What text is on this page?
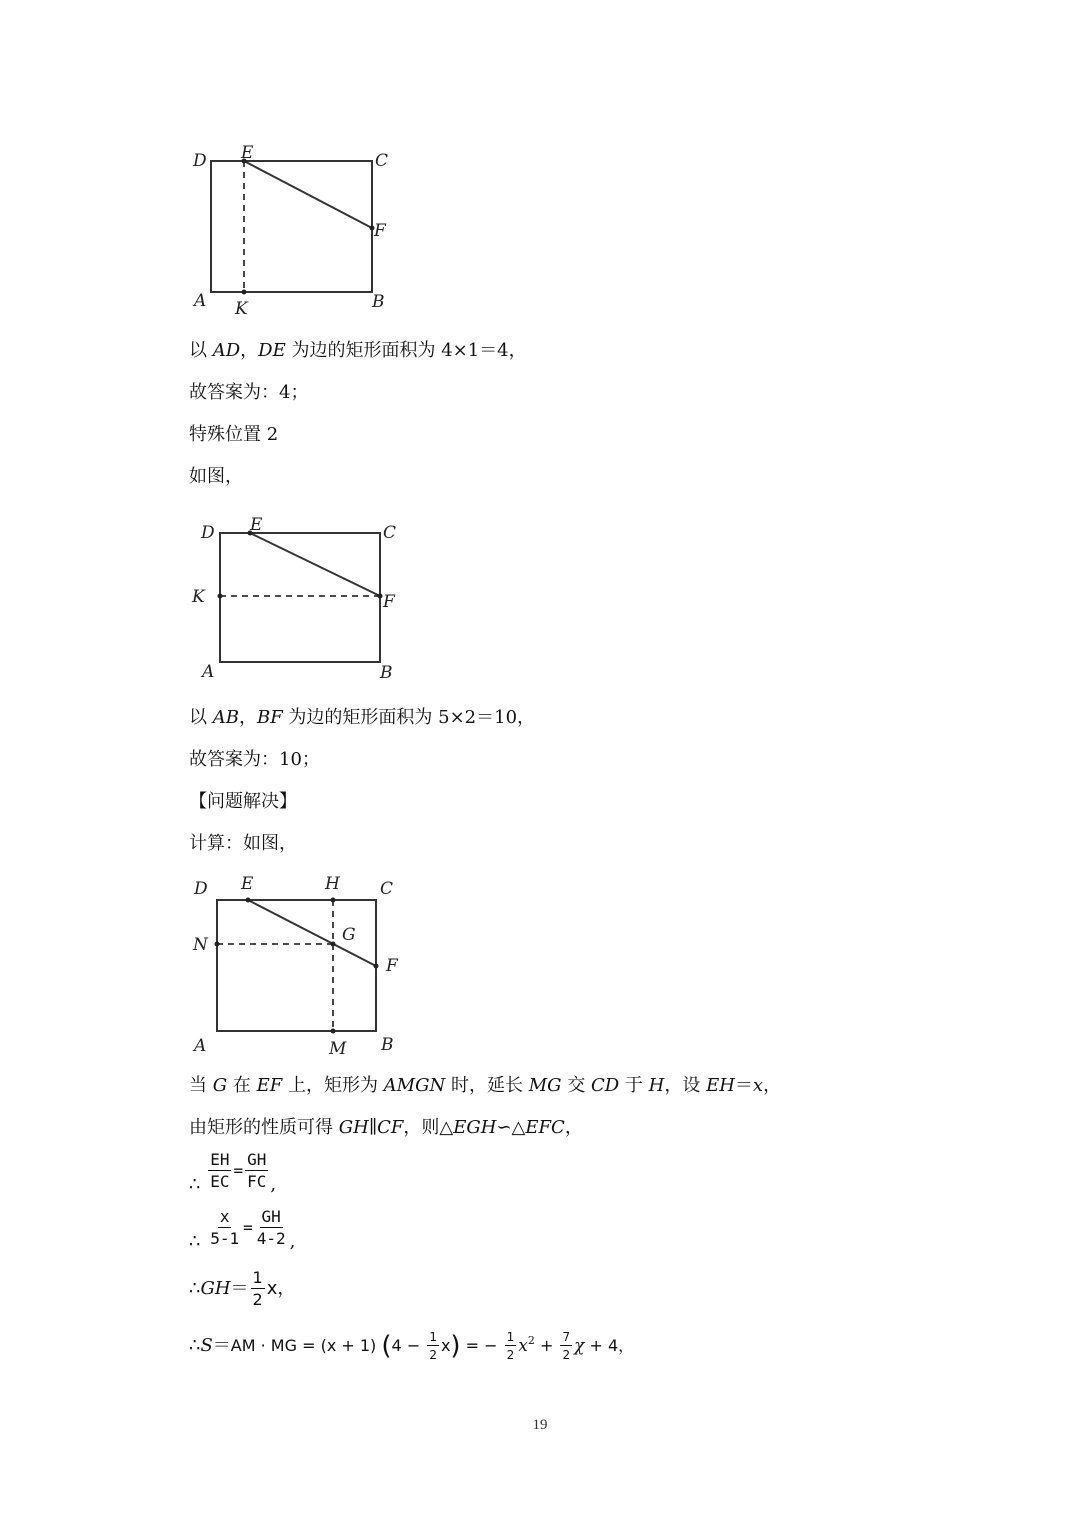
D E	C
F
A K	B
以 AD，DE 为边的矩形面积为 4×1＝4，
故答案为：4；
特殊位置 2
如图，
D E	C
K	F
A	B
以 AB，BF 为边的矩形面积为 5×2＝10，
故答案为：10；
【问题解决】
计算：如图，
D E	H C
N	G
F
A	M B
当 G 在 EF 上，矩形为 AMGN 时，延长 MG 交 CD 于 H，设 EH＝x，
由矩形的性质可得 GH∥CF，则△EGH∽△EFC，
∴ $\frac{EH}{EC} = \frac{GH}{FC}$ ,
∴ $\frac{x}{5-1} = \frac{GH}{4-2}$ ,
∴GH＝ $\frac{1}{2}$ x，
∴S＝AM · MG = (x + 1) $(4 - \frac{1}{2} x)$ = − $\frac{1}{2} x^2 + \frac{7}{2}$ χ + 4，
19
